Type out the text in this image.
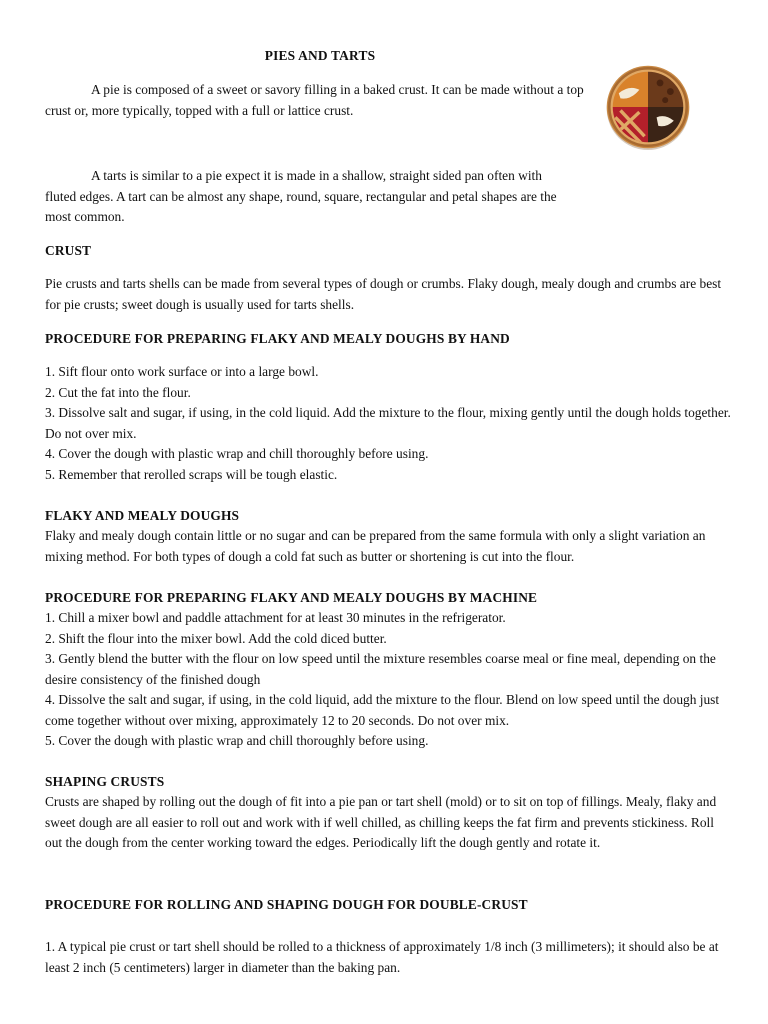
PIES AND TARTS

A pie is composed of a sweet or savory filling in a baked crust. It can be made without a top crust or, more typically, topped with a full or lattice crust.

A tarts is similar to a pie expect it is made in a shallow, straight sided pan often with fluted edges. A tart can be almost any shape, round, square, rectangular and petal shapes are the most common.

CRUST

Pie crusts and tarts shells can be made from several types of dough or crumbs. Flaky dough, mealy dough and crumbs are best for pie crusts; sweet dough is usually used for tarts shells.

PROCEDURE FOR PREPARING FLAKY AND MEALY DOUGHS BY HAND
1. Sift flour onto work surface or into a large bowl.
2. Cut the fat into the flour.
3. Dissolve salt and sugar, if using, in the cold liquid. Add the mixture to the flour, mixing gently until the dough holds together. Do not over mix.
4. Cover the dough with plastic wrap and chill thoroughly before using.
5. Remember that rerolled scraps will be tough elastic.
FLAKY AND MEALY DOUGHS

Flaky and mealy dough contain little or no sugar and can be prepared from the same formula with only a slight variation an mixing method. For both types of dough a cold fat such as butter or shortening is cut into the flour.

PROCEDURE FOR PREPARING FLAKY AND MEALY DOUGHS BY MACHINE
1. Chill a mixer bowl and paddle attachment for at least 30 minutes in the refrigerator.
2. Shift the flour into the mixer bowl. Add the cold diced butter.
3. Gently blend the butter with the flour on low speed until the mixture resembles coarse meal or fine meal, depending on the desire consistency of the finished dough
4. Dissolve the salt and sugar, if using, in the cold liquid, add the mixture to the flour. Blend on low speed until the dough just come together without over mixing, approximately 12 to 20 seconds. Do not over mix.
5. Cover the dough with plastic wrap and chill thoroughly before using.
SHAPING CRUSTS

Crusts are shaped by rolling out the dough of fit into a pie pan or tart shell (mold) or to sit on top of fillings. Mealy, flaky and sweet dough are all easier to roll out and work with if well chilled, as chilling keeps the fat firm and prevents stickiness. Roll out the dough from the center working toward the edges. Periodically lift the dough gently and rotate it.

PROCEDURE FOR ROLLING AND SHAPING DOUGH FOR DOUBLE-CRUST
1. A typical pie crust or tart shell should be rolled to a thickness of approximately 1/8 inch (3 millimeters); it should also be at least 2 inch (5 centimeters) larger in diameter than the baking pan.
